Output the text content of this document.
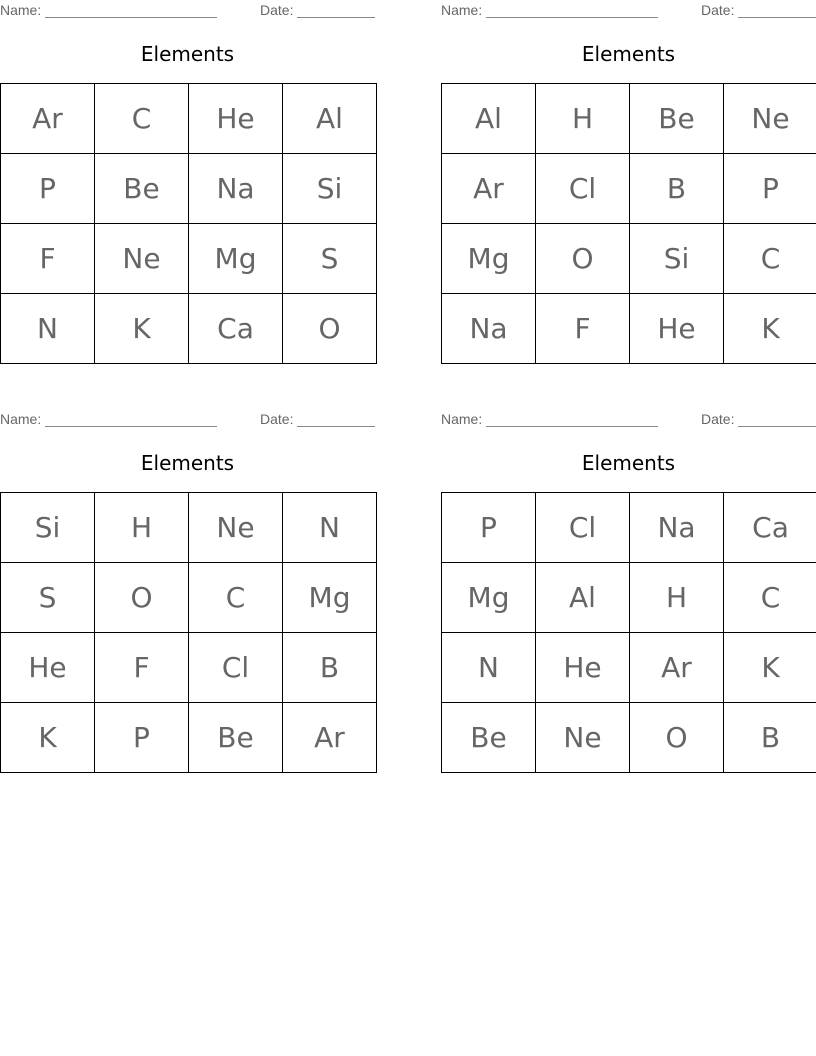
Name:	Date:
Elements
Ar	C	He	Al
P	Be	Na	Si
F	Ne	Mg	S
N	K	Ca	O
Name:	Date:
Elements
Al	H	Be	Ne
Ar	Cl	B	P
Mg	O	Si	C
Na	F	He	K
Name:	Date:
Elements
Si	H	Ne	N
S	O	C	Mg
He	F	Cl	B
K	P	Be	Ar
Name:	Date:
Elements
P	Cl	Na	Ca
Mg	Al	H	C
N	He	Ar	K
Be	Ne	O	B
